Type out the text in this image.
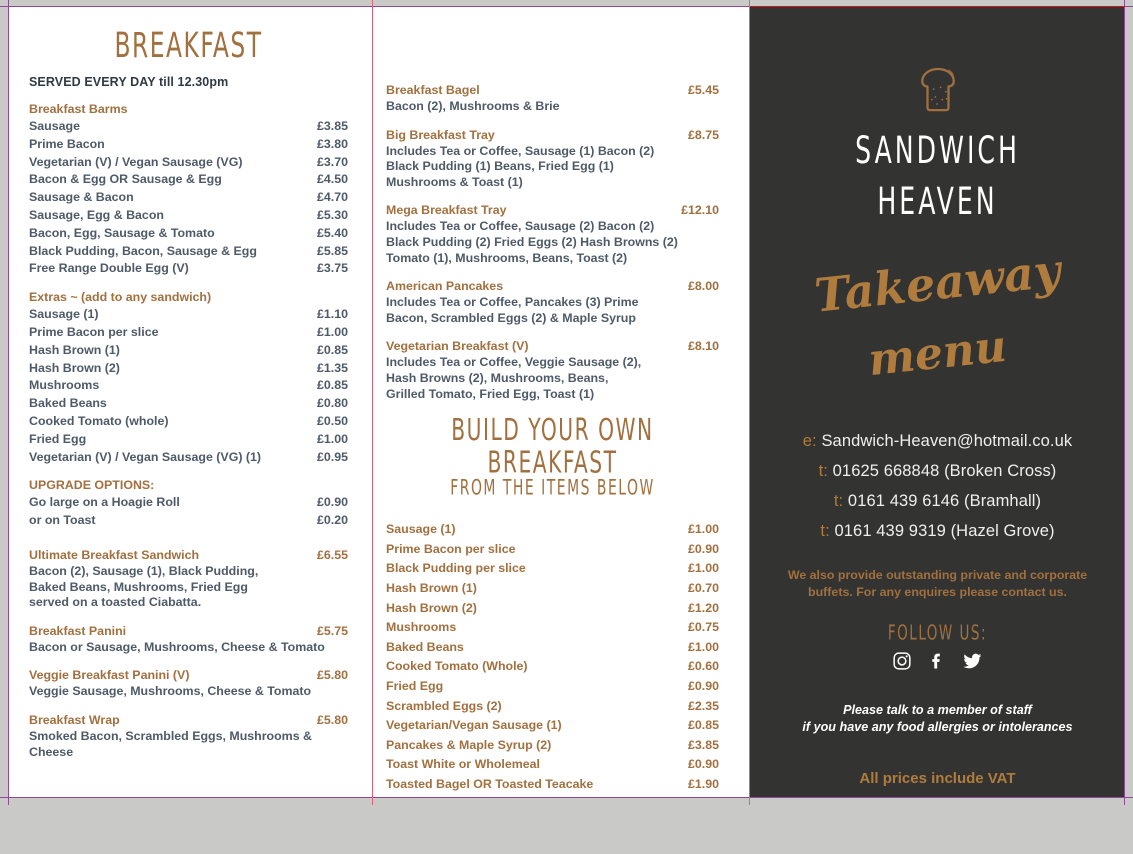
BREAKFAST
SERVED EVERY DAY till 12.30pm
Breakfast Barms
Sausage	£3.85
Prime Bacon	£3.80
Vegetarian (V) / Vegan Sausage (VG)	£3.70
Bacon & Egg OR Sausage & Egg	£4.50
Sausage & Bacon	£4.70
Sausage, Egg & Bacon	£5.30
Bacon, Egg, Sausage & Tomato	£5.40
Black Pudding, Bacon, Sausage & Egg	£5.85
Free Range Double Egg (V)	£3.75
Extras ~ (add to any sandwich)
Sausage (1)	£1.10
Prime Bacon per slice	£1.00
Hash Brown (1)	£0.85
Hash Brown (2)	£1.35
Mushrooms	£0.85
Baked Beans	£0.80
Cooked Tomato (whole)	£0.50
Fried Egg	£1.00
Vegetarian (V) / Vegan Sausage (VG) (1)	£0.95
UPGRADE OPTIONS:
Go large on a Hoagie Roll	£0.90
or on Toast	£0.20
Ultimate Breakfast Sandwich	£6.55
Bacon (2), Sausage (1), Black Pudding,
Baked Beans, Mushrooms, Fried Egg
served on a toasted Ciabatta.
Breakfast Panini	£5.75
Bacon or Sausage, Mushrooms, Cheese & Tomato
Veggie Breakfast Panini (V)	£5.80
Veggie Sausage, Mushrooms, Cheese & Tomato
Breakfast Wrap	£5.80
Smoked Bacon, Scrambled Eggs, Mushrooms & Cheese
Breakfast Bagel	£5.45
Bacon (2), Mushrooms & Brie
Big Breakfast Tray	£8.75
Includes Tea or Coffee, Sausage (1) Bacon (2)
Black Pudding (1) Beans, Fried Egg (1)
Mushrooms & Toast (1)
Mega Breakfast Tray	£12.10
Includes Tea or Coffee, Sausage (2) Bacon (2)
Black Pudding (2) Fried Eggs (2) Hash Browns (2)
Tomato (1), Mushrooms, Beans, Toast (2)
American Pancakes	£8.00
Includes Tea or Coffee, Pancakes (3) Prime
Bacon, Scrambled Eggs (2) & Maple Syrup
Vegetarian Breakfast (V)	£8.10
Includes Tea or Coffee, Veggie Sausage (2),
Hash Browns (2), Mushrooms, Beans,
Grilled Tomato, Fried Egg, Toast (1)
BUILD YOUR OWN BREAKFAST
FROM THE ITEMS BELOW
Sausage (1)	£1.00
Prime Bacon per slice	£0.90
Black Pudding per slice	£1.00
Hash Brown (1)	£0.70
Hash Brown (2)	£1.20
Mushrooms	£0.75
Baked Beans	£1.00
Cooked Tomato (Whole)	£0.60
Fried Egg	£0.90
Scrambled Eggs (2)	£2.35
Vegetarian/Vegan Sausage (1)	£0.85
Pancakes & Maple Syrup (2)	£3.85
Toast White or Wholemeal	£0.90
Toasted Bagel OR Toasted Teacake	£1.90
SANDWICH
HEAVEN
Takeaway
menu
e: Sandwich-Heaven@hotmail.co.uk
t: 01625 668848 (Broken Cross)
t: 0161 439 6146 (Bramhall)
t: 0161 439 9319 (Hazel Grove)
We also provide outstanding private and corporate
buffets. For any enquires please contact us.
FOLLOW US:
Please talk to a member of staff
if you have any food allergies or intolerances
All prices include VAT
